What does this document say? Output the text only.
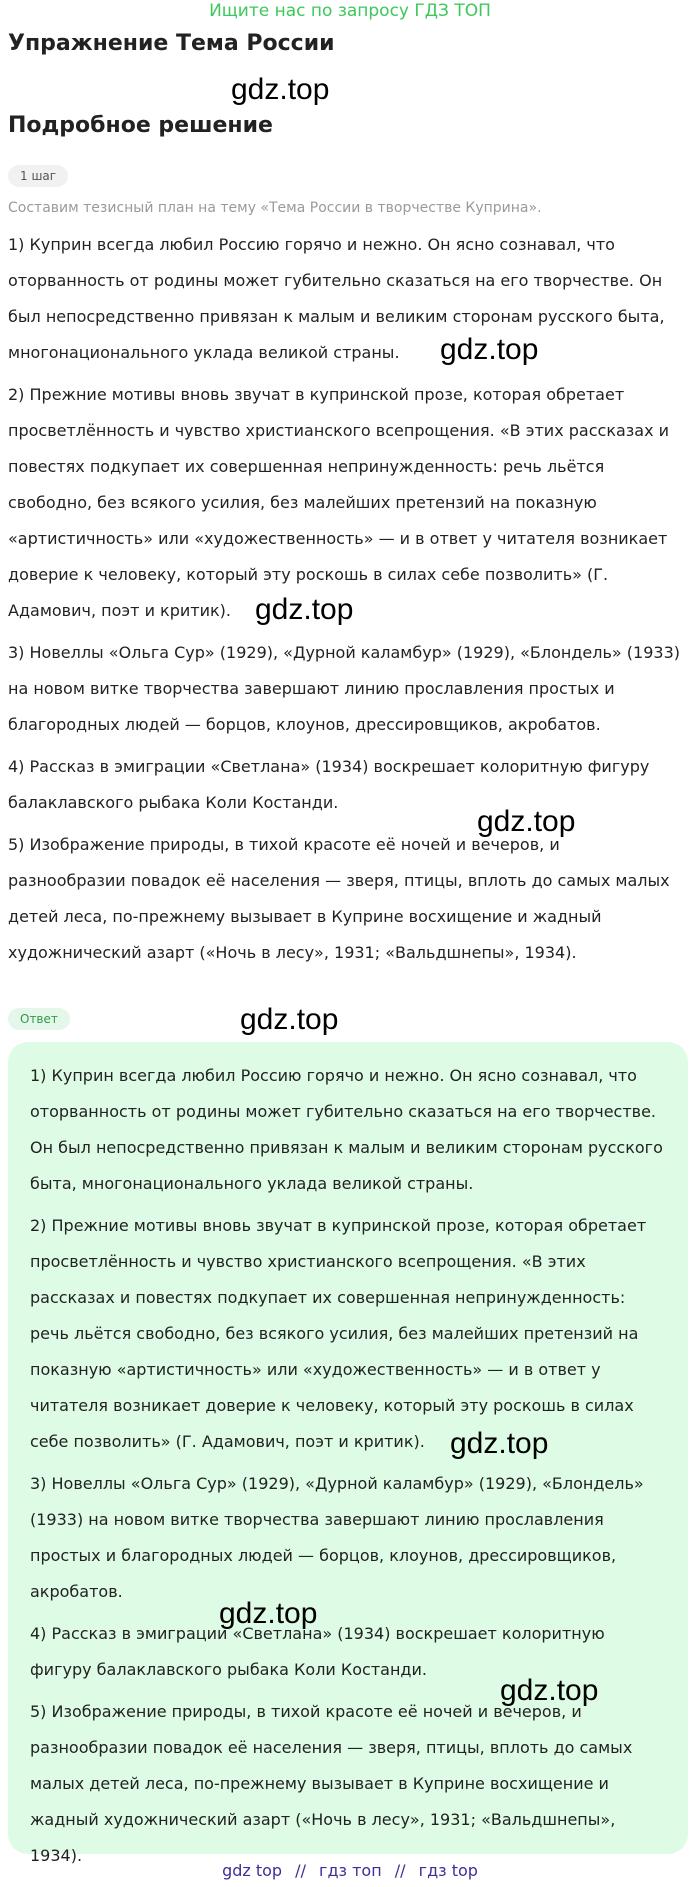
Ищите нас по запросу ГДЗ ТОП
Упражнение Тема России
gdz.top
Подробное решение
1 шаг

Составим тезисный план на тему «Тема России в творчестве Куприна».

1) Куприн всегда любил Россию горячо и нежно. Он ясно сознавал, что оторванность от родины может губительно сказаться на его творчестве. Он был непосредственно привязан к малым и великим сторонам русского быта, многонационального уклада великой страны.

2) Прежние мотивы вновь звучат в купринской прозе, которая обретает просветлённость и чувство христианского всепрощения. «В этих рассказах и повестях подкупает их совершенная непринужденность: речь льётся свободно, без всякого усилия, без малейших претензий на показную «артистичность» или «художественность» — и в ответ у читателя возникает доверие к человеку, который эту роскошь в силах себе позволить» (Г. Адамович, поэт и критик).

3) Новеллы «Ольга Сур» (1929), «Дурной каламбур» (1929), «Блондель» (1933) на новом витке творчества завершают линию прославления простых и благородных людей — борцов, клоунов, дрессировщиков, акробатов.

4) Рассказ в эмиграции «Светлана» (1934) воскрешает колоритную фигуру балаклавского рыбака Коли Костанди.

5) Изображение природы, в тихой красоте её ночей и вечеров, и разнообразии повадок её населения — зверя, птицы, вплоть до самых малых детей леса, по-прежнему вызывает в Куприне восхищение и жадный художнический азарт («Ночь в лесу», 1931; «Вальдшнепы», 1934).

gdz.top
gdz.top
gdz.top
Ответ	gdz.top

1) Куприн всегда любил Россию горячо и нежно. Он ясно сознавал, что оторванность от родины может губительно сказаться на его творчестве. Он был непосредственно привязан к малым и великим сторонам русского быта, многонационального уклада великой страны.

2) Прежние мотивы вновь звучат в купринской прозе, которая обретает просветлённость и чувство христианского всепрощения. «В этих рассказах и повестях подкупает их совершенная непринужденность: речь льётся свободно, без всякого усилия, без малейших претензий на показную «артистичность» или «художественность» — и в ответ у читателя возникает доверие к человеку, который эту роскошь в силах себе позволить» (Г. Адамович, поэт и критик).

3) Новеллы «Ольга Сур» (1929), «Дурной каламбур» (1929), «Блондель» (1933) на новом витке творчества завершают линию прославления простых и благородных людей — борцов, клоунов, дрессировщиков, акробатов.

4) Рассказ в эмиграции «Светлана» (1934) воскрешает колоритную фигуру балаклавского рыбака Коли Костанди.

5) Изображение природы, в тихой красоте её ночей и вечеров, и разнообразии повадок её населения — зверя, птицы, вплоть до самых малых детей леса, по-прежнему вызывает в Куприне восхищение и жадный художнический азарт («Ночь в лесу», 1931; «Вальдшнепы», 1934).

gdz.top
gdz.top
gdz.top
gdz top // гдз топ // гдз top
